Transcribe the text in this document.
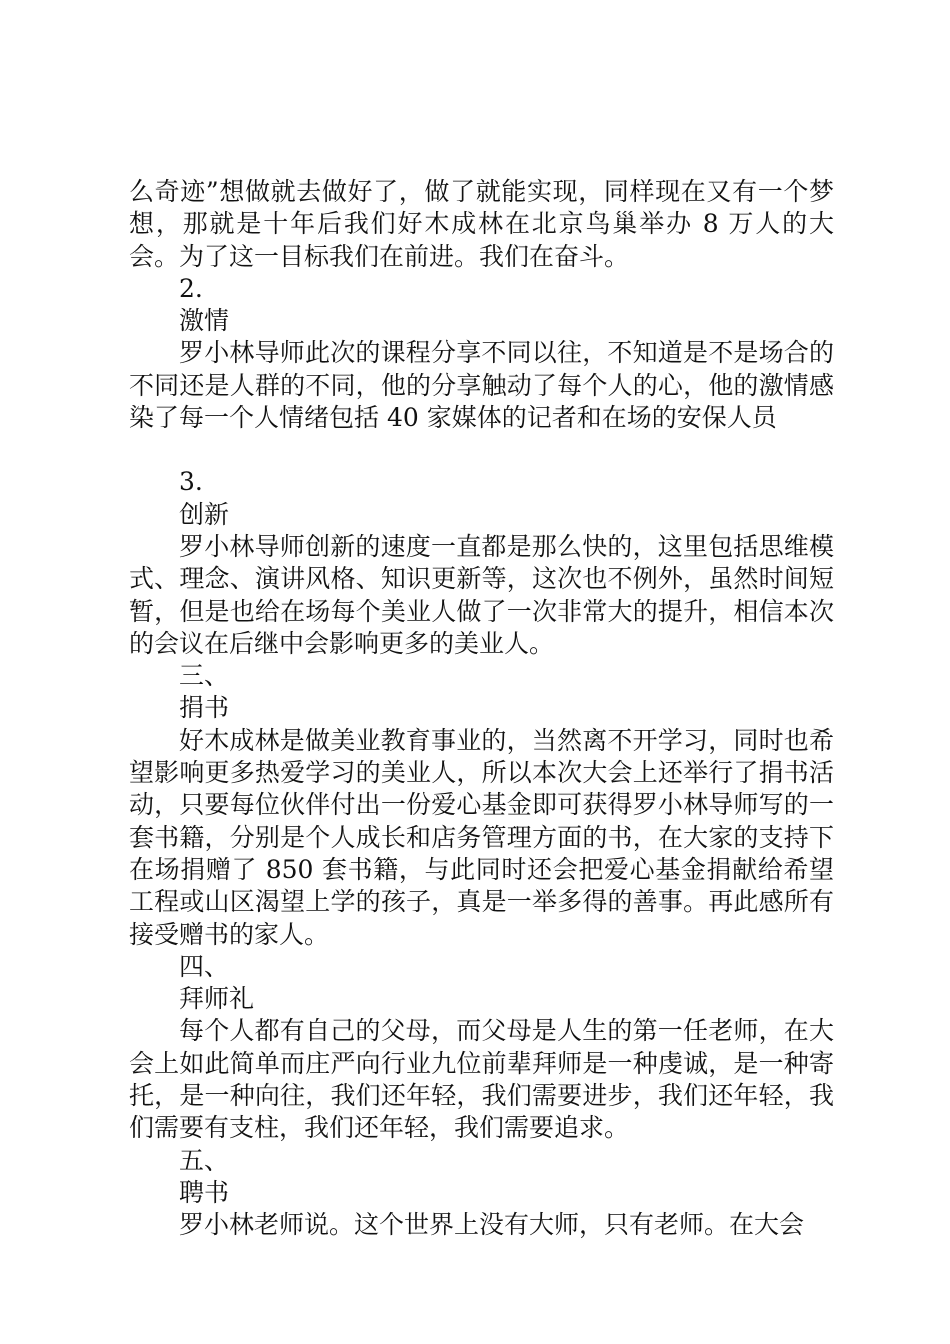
么奇迹”想做就去做好了，做了就能实现，同样现在又有一个梦想，那就是十年后我们好木成林在北京鸟巢举办 8 万人的大会。为了这一目标我们在前进。我们在奋斗。

2.
激情

罗小林导师此次的课程分享不同以往，不知道是不是场合的不同还是人群的不同，他的分享触动了每个人的心，他的激情感染了每一个人情绪包括 40 家媒体的记者和在场的安保人员

3.
创新

罗小林导师创新的速度一直都是那么快的，这里包括思维模式、理念、演讲风格、知识更新等，这次也不例外，虽然时间短暂，但是也给在场每个美业人做了一次非常大的提升，相信本次的会议在后继中会影响更多的美业人。

三、
捐书

好木成林是做美业教育事业的，当然离不开学习，同时也希望影响更多热爱学习的美业人，所以本次大会上还举行了捐书活动，只要每位伙伴付出一份爱心基金即可获得罗小林导师写的一套书籍，分别是个人成长和店务管理方面的书，在大家的支持下在场捐赠了 850 套书籍，与此同时还会把爱心基金捐献给希望工程或山区渴望上学的孩子，真是一举多得的善事。再此感所有接受赠书的家人。

四、
拜师礼

每个人都有自己的父母，而父母是人生的第一任老师，在大会上如此简单而庄严向行业九位前辈拜师是一种虔诚，是一种寄托，是一种向往，我们还年轻，我们需要进步，我们还年轻，我们需要有支柱，我们还年轻，我们需要追求。

五、
聘书

罗小林老师说。这个世界上没有大师，只有老师。在大会
